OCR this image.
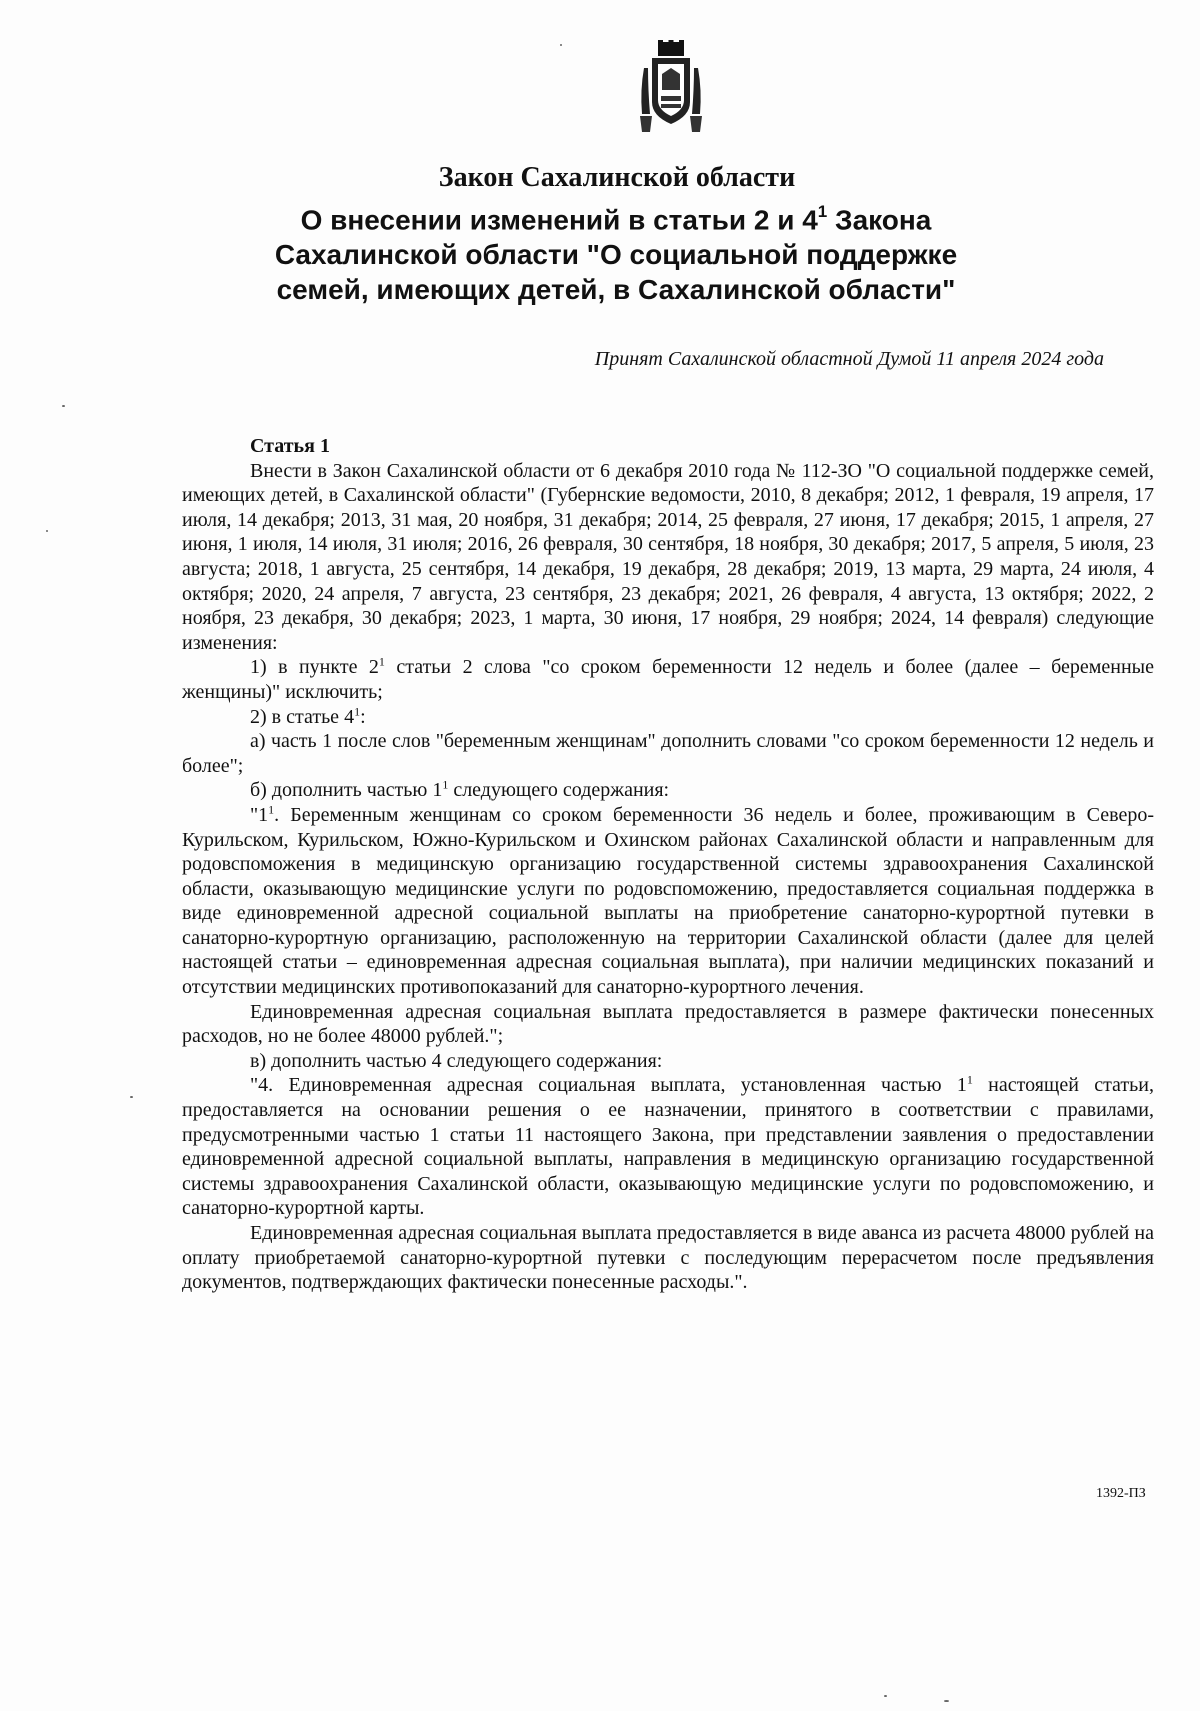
Закон Сахалинской области
О внесении изменений в статьи 2 и $4^1$ Закона
Сахалинской области "О социальной поддержке
семей, имеющих детей, в Сахалинской области"
Принят Сахалинской областной Думой 11 апреля 2024 года
Статья 1

Внести в Закон Сахалинской области от 6 декабря 2010 года № 112-ЗО "О социальной поддержке семей, имеющих детей, в Сахалинской области" (Губернские ведомости, 2010, 8 декабря; 2012, 1 февраля, 19 апреля, 17 июля, 14 декабря; 2013, 31 мая, 20 ноября, 31 декабря; 2014, 25 февраля, 27 июня, 17 декабря; 2015, 1 апреля, 27 июня, 1 июля, 14 июля, 31 июля; 2016, 26 февраля, 30 сентября, 18 ноября, 30 декабря; 2017, 5 апреля, 5 июля, 23 августа; 2018, 1 августа, 25 сентября, 14 декабря, 19 декабря, 28 декабря; 2019, 13 марта, 29 марта, 24 июля, 4 октября; 2020, 24 апреля, 7 августа, 23 сентября, 23 декабря; 2021, 26 февраля, 4 августа, 13 октября; 2022, 2 ноября, 23 декабря, 30 декабря; 2023, 1 марта, 30 июня, 17 ноября, 29 ноября; 2024, 14 февраля) следующие изменения:

1) в пункте $2^1$ статьи 2 слова "со сроком беременности 12 недель и более (далее – беременные женщины)" исключить;

2) в статье $4^1$:

а) часть 1 после слов "беременным женщинам" дополнить словами "со сроком беременности 12 недель и более";

б) дополнить частью $1^1$ следующего содержания:

"$1^1$. Беременным женщинам со сроком беременности 36 недель и более, проживающим в Северо-Курильском, Курильском, Южно-Курильском и Охинском районах Сахалинской области и направленным для родовспоможения в медицинскую организацию государственной системы здравоохранения Сахалинской области, оказывающую медицинские услуги по родовспоможению, предоставляется социальная поддержка в виде единовременной адресной социальной выплаты на приобретение санаторно-курортной путевки в санаторно-курортную организацию, расположенную на территории Сахалинской области (далее для целей настоящей статьи – единовременная адресная социальная выплата), при наличии медицинских показаний и отсутствии медицинских противопоказаний для санаторно-курортного лечения.

Единовременная адресная социальная выплата предоставляется в размере фактически понесенных расходов, но не более 48000 рублей.";

в) дополнить частью 4 следующего содержания:

"4. Единовременная адресная социальная выплата, установленная частью $1^1$ настоящей статьи, предоставляется на основании решения о ее назначении, принятого в соответствии с правилами, предусмотренными частью 1 статьи 11 настоящего Закона, при представлении заявления о предоставлении единовременной адресной социальной выплаты, направления в медицинскую организацию государственной системы здравоохранения Сахалинской области, оказывающую медицинские услуги по родовспоможению, и санаторно-курортной карты.

Единовременная адресная социальная выплата предоставляется в виде аванса из расчета 48000 рублей на оплату приобретаемой санаторно-курортной путевки с последующим перерасчетом после предъявления документов, подтверждающих фактически понесенные расходы.".

1392-ПЗ
